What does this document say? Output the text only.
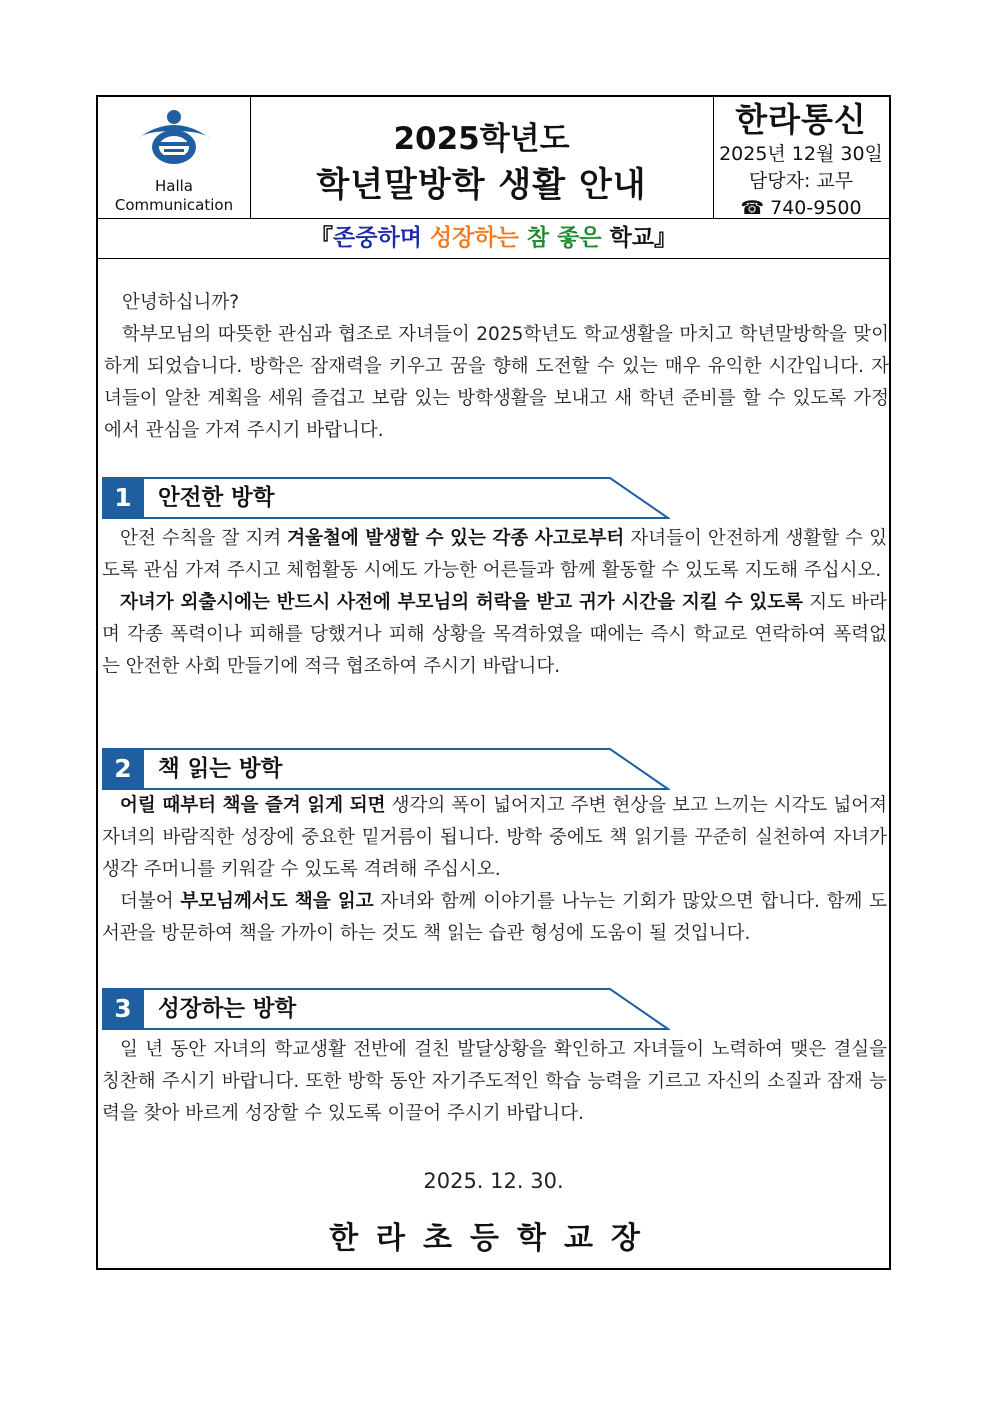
Halla
Communication
2025학년도
학년말방학 생활 안내
한라통신
2025년 12월 30일
담당자: 교무
☎ 740-9500
『존중하며 성장하는 참 좋은 학교』

안녕하십니까?

학부모님의 따뜻한 관심과 협조로 자녀들이 2025학년도 학교생활을 마치고 학년말방학을 맞이하게 되었습니다. 방학은 잠재력을 키우고 꿈을 향해 도전할 수 있는 매우 유익한 시간입니다. 자녀들이 알찬 계획을 세워 즐겁고 보람 있는 방학생활을 보내고 새 학년 준비를 할 수 있도록 가정에서 관심을 가져 주시기 바랍니다.

1	안전한 방학

안전 수칙을 잘 지켜 겨울철에 발생할 수 있는 각종 사고로부터 자녀들이 안전하게 생활할 수 있도록 관심 가져 주시고 체험활동 시에도 가능한 어른들과 함께 활동할 수 있도록 지도해 주십시오.

자녀가 외출시에는 반드시 사전에 부모님의 허락을 받고 귀가 시간을 지킬 수 있도록 지도 바라며 각종 폭력이나 피해를 당했거나 피해 상황을 목격하였을 때에는 즉시 학교로 연락하여 폭력없는 안전한 사회 만들기에 적극 협조하여 주시기 바랍니다.

2	책 읽는 방학

어릴 때부터 책을 즐겨 읽게 되면 생각의 폭이 넓어지고 주변 현상을 보고 느끼는 시각도 넓어져 자녀의 바람직한 성장에 중요한 밑거름이 됩니다. 방학 중에도 책 읽기를 꾸준히 실천하여 자녀가 생각 주머니를 키워갈 수 있도록 격려해 주십시오.

더불어 부모님께서도 책을 읽고 자녀와 함께 이야기를 나누는 기회가 많았으면 합니다. 함께 도서관을 방문하여 책을 가까이 하는 것도 책 읽는 습관 형성에 도움이 될 것입니다.

3	성장하는 방학

일 년 동안 자녀의 학교생활 전반에 걸친 발달상황을 확인하고 자녀들이 노력하여 맺은 결실을 칭찬해 주시기 바랍니다. 또한 방학 동안 자기주도적인 학습 능력을 기르고 자신의 소질과 잠재 능력을 찾아 바르게 성장할 수 있도록 이끌어 주시기 바랍니다.

2025. 12. 30.
한라초등학교장
